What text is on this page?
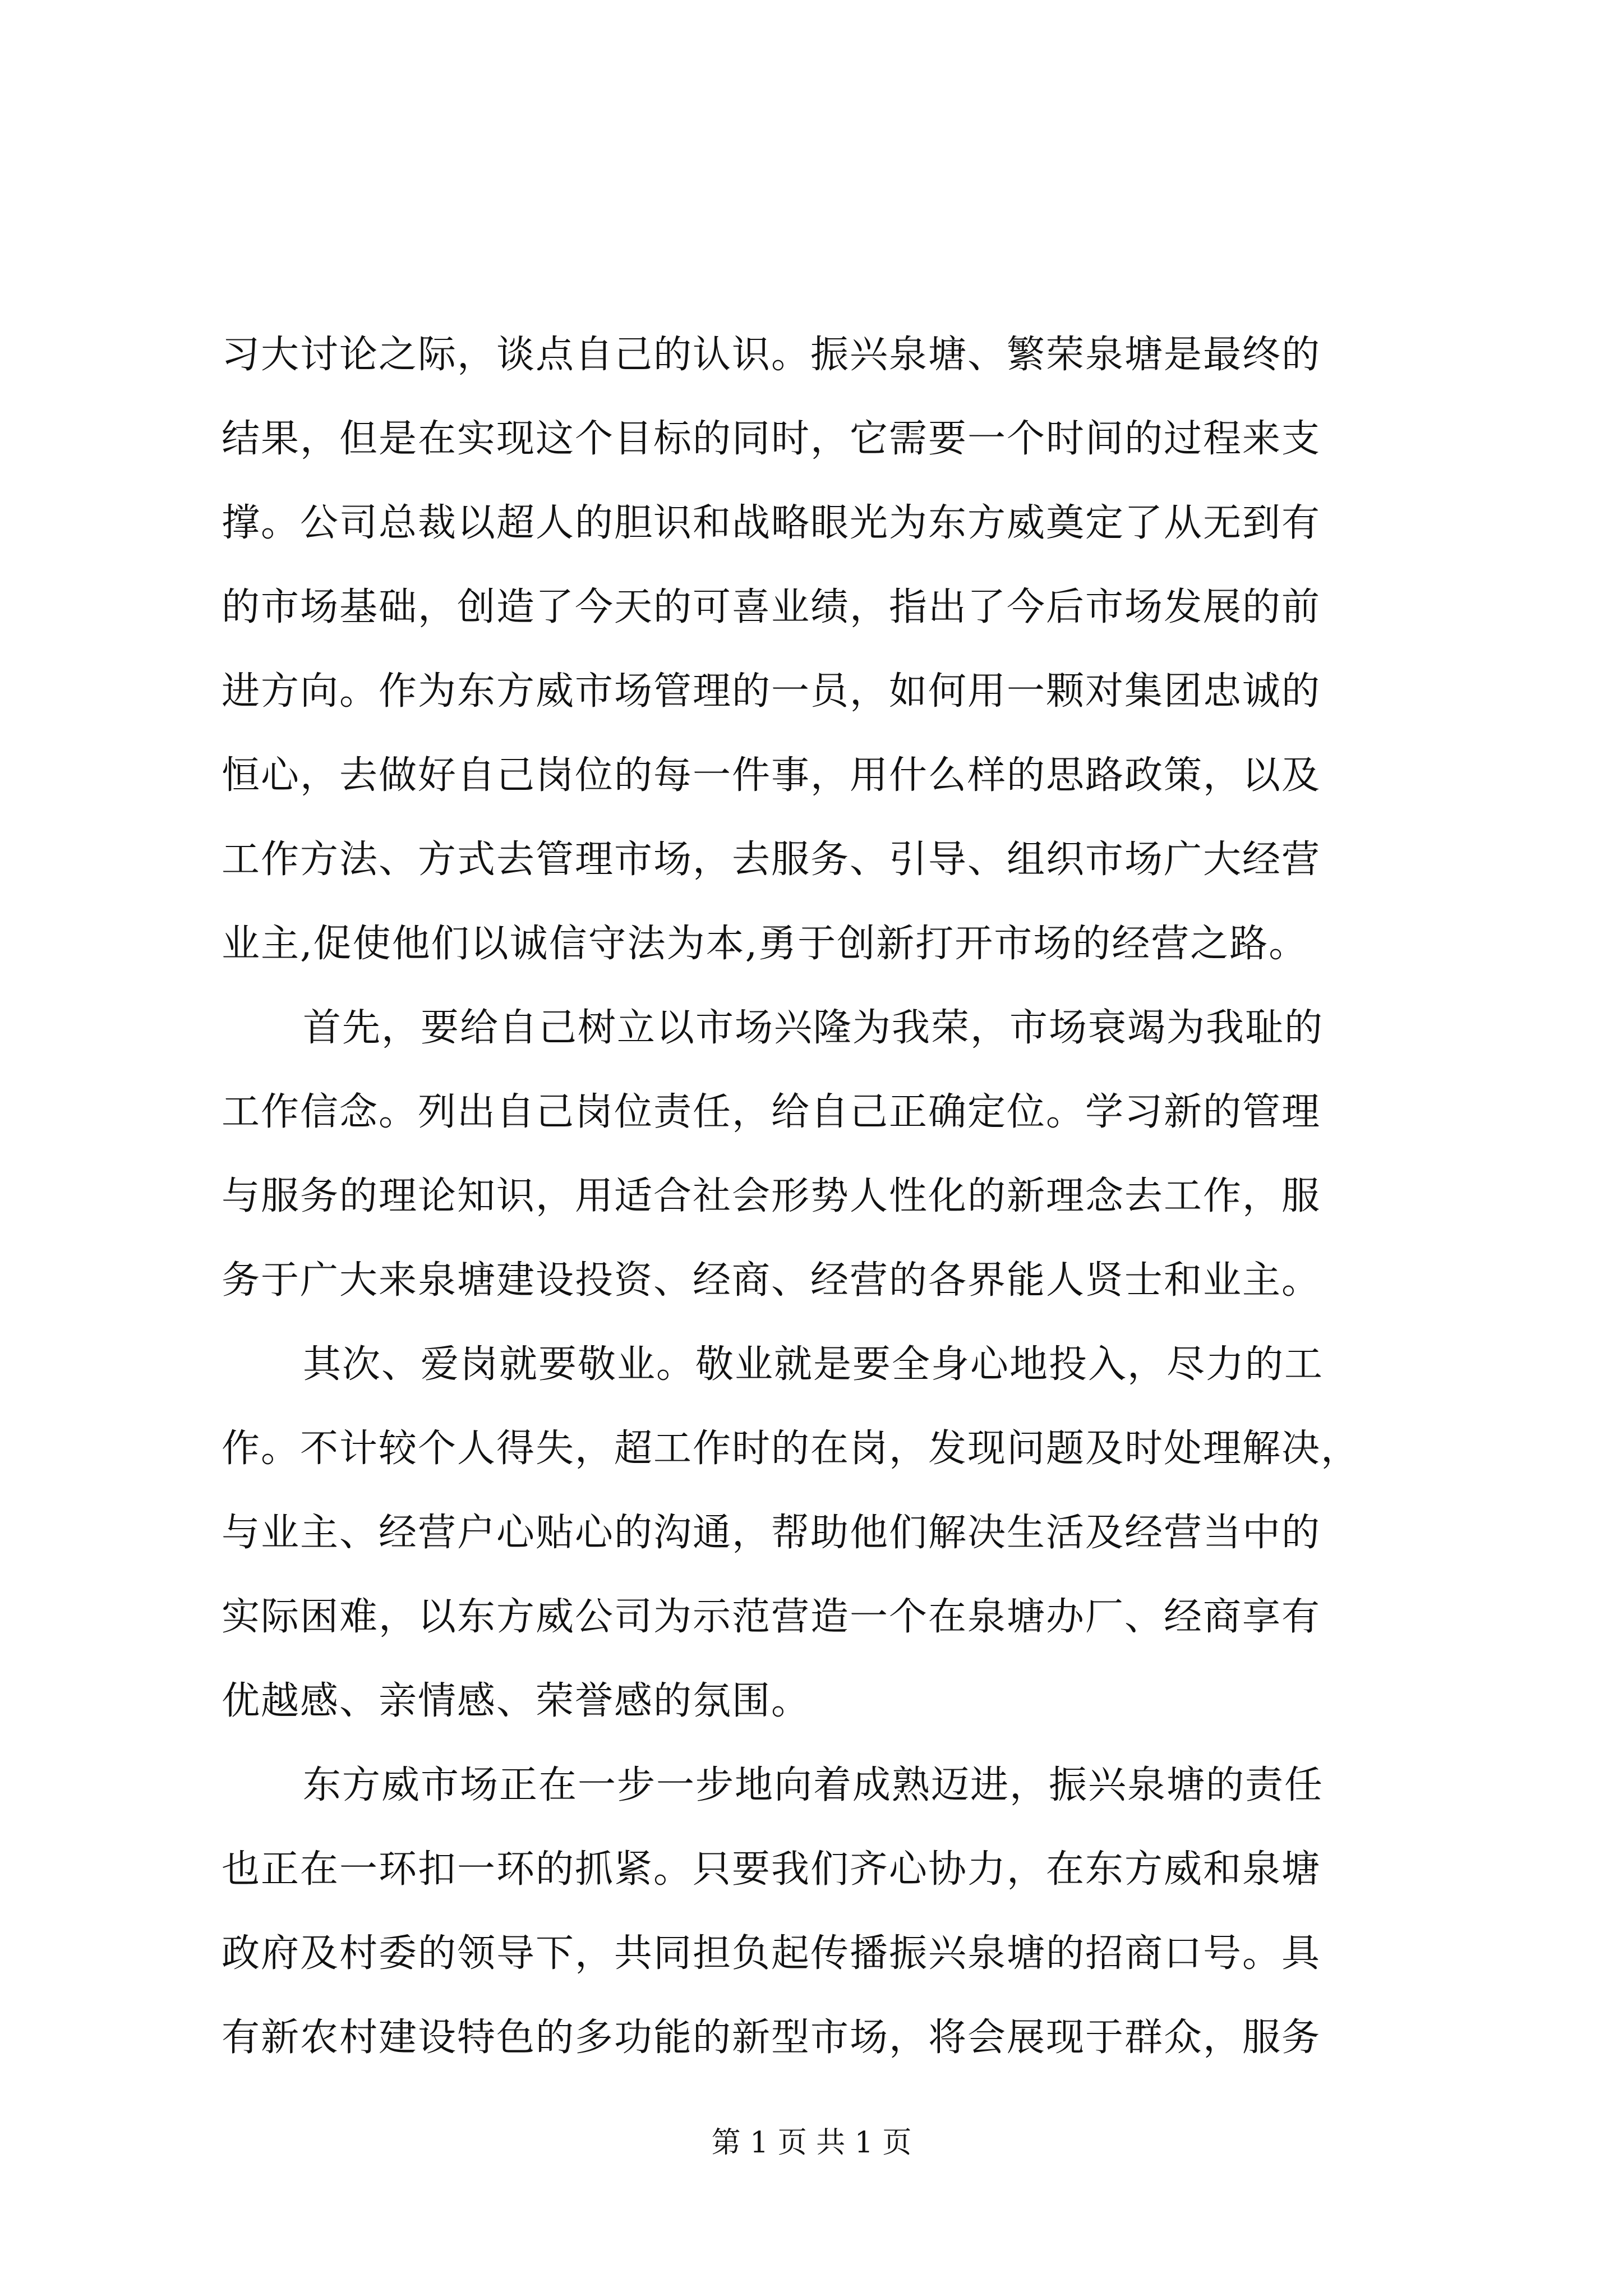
习大讨论之际，谈点自己的认识。振兴泉塘、繁荣泉塘是最终的
结果，但是在实现这个目标的同时，它需要一个时间的过程来支
撑。公司总裁以超人的胆识和战略眼光为东方威奠定了从无到有
的市场基础，创造了今天的可喜业绩，指出了今后市场发展的前
进方向。作为东方威市场管理的一员，如何用一颗对集团忠诚的
恒心，去做好自己岗位的每一件事，用什么样的思路政策，以及
工作方法、方式去管理市场，去服务、引导、组织市场广大经营
业主,促使他们以诚信守法为本,勇于创新打开市场的经营之路。
首先，要给自己树立以市场兴隆为我荣，市场衰竭为我耻的
工作信念。列出自己岗位责任，给自己正确定位。学习新的管理
与服务的理论知识，用适合社会形势人性化的新理念去工作，服
务于广大来泉塘建设投资、经商、经营的各界能人贤士和业主。
其次、爱岗就要敬业。敬业就是要全身心地投入，尽力的工
作。不计较个人得失，超工作时的在岗，发现问题及时处理解决，
与业主、经营户心贴心的沟通，帮助他们解决生活及经营当中的
实际困难，以东方威公司为示范营造一个在泉塘办厂、经商享有
优越感、亲情感、荣誉感的氛围。
东方威市场正在一步一步地向着成熟迈进，振兴泉塘的责任
也正在一环扣一环的抓紧。只要我们齐心协力，在东方威和泉塘
政府及村委的领导下，共同担负起传播振兴泉塘的招商口号。具
有新农村建设特色的多功能的新型市场，将会展现于群众，服务
第 1 页 共 1 页
